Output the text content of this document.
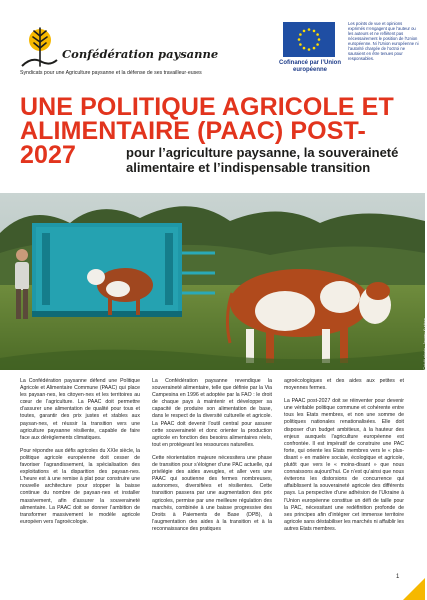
Confédération paysanne
Syndicats pour une Agriculture paysanne et la défense de ses travailleur·euses
Cofinancé par l’Union européenne
Les points de vue et opinions exprimés n’engagent que l’auteur ou les auteurs et ne reflètent pas nécessairement le position de l’Union européenne. Ni l’Union européenne ni l’autorité chargée de l’octroi ne sauraient en être tenues pour responsables.
UNE POLITIQUE AGRICOLE ET ALIMENTAIRE (PAAC) POST-2027	pour l’agriculture paysanne, la souveraineté alimentaire et l’indispensable transition
Crédit photo : Jeroen Kuyken

La Confédération paysanne défend une Politique Agricole et Alimentaire Commune (PAAC) qui place les paysan·nes, les citoyen·nes et les territoires au cœur de l’agriculture. La PAAC doit permettre d’assurer une alimentation de qualité pour tous et toutes, garantir des prix justes et stables aux paysan·nes, et réussir la transition vers une agriculture paysanne résiliente, capable de faire face aux dérèglements climatiques.

Pour répondre aux défis agricoles du XXIe siècle, la politique agricole européenne doit cesser de favoriser l’agrandissement, la spécialisation des exploitations et la disparition des paysan·nes. L’heure est à une remise à plat pour construire une nouvelle architecture pour stopper la baisse continue du nombre de paysan·nes et installer massivement, afin d’assurer la souveraineté alimentaire. La PAAC doit se donner l’ambition de transformer massivement le modèle agricole européen vers l’agroécologie.

La Confédération paysanne revendique la souveraineté alimentaire, telle que définie par la Via Campesina en 1996 et adoptée par la FAO : le droit de chaque pays à maintenir et développer sa capacité de produire son alimentation de base, dans le respect de la diversité culturelle et agricole. La PAAC doit devenir l’outil central pour assurer cette souveraineté et donc orienter la production agricole en fonction des besoins alimentaires réels, tout en protégeant les ressources naturelles.

Cette réorientation majeure nécessitera une phase de transition pour s’éloigner d’une PAC actuelle, qui privilégie des aides aveugles, et aller vers une PAAC qui soutienne des fermes nombreuses, autonomes, diversifiées et résilientes. Cette transition passera par une augmentation des prix agricoles, permise par une meilleure régulation des marchés, combinée à une baisse progressive des Droits à Paiements de Base (DPB), à l’augmentation des aides à la transition et à la reconnaissance des pratiques

agroécologiques et des aides aux petites et moyennes fermes.

La PAAC post-2027 doit se réinventer pour devenir une véritable politique commune et cohérente entre tous les Etats membres, et non une somme de politiques nationales renationalisées. Elle doit disposer d’un budget ambitieux, à la hauteur des enjeux auxquels l’agriculture européenne est confrontée. Il est impératif de construire une PAC forte, qui oriente les Etats membres vers le « plus-disant » en matière sociale, écologique et agricole, plutôt que vers le « moins-disant » que nous connaissons aujourd’hui. Ce n’est qu’ainsi que nous éviterons les distorsions de concurrence qui affaiblissent la souveraineté agricole des différents pays. La perspective d’une adhésion de l’Ukraine à l’Union européenne constitue un défi de taille pour la PAC, nécessitant une redéfinition profonde de ses principes afin d’intégrer cet immense territoire agricole sans déstabiliser les marchés ni affaiblir les autres Etats membres.

1
